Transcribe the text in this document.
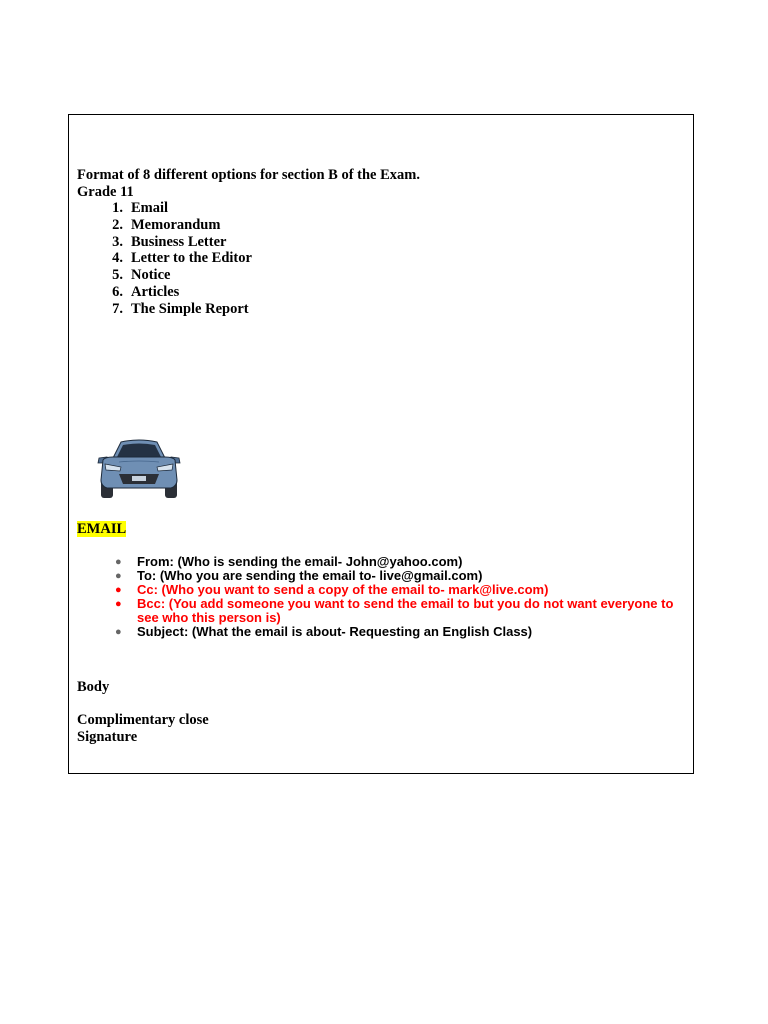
Format of 8 different options for section B of the Exam.
Grade 11
1. Email
2. Memorandum
3. Business Letter
4. Letter to the Editor
5. Notice
6. Articles
7. The Simple Report
EMAIL
●	From: (Who is sending the email- John@yahoo.com)
●	To: (Who you are sending the email to- live@gmail.com)
●	Cc: (Who you want to send a copy of the email to- mark@live.com)
●	Bcc: (You add someone you want to send the email to but you do not want everyone to see who this person is)
●	Subject: (What the email is about- Requesting an English Class)
Body
Complimentary close
Signature
